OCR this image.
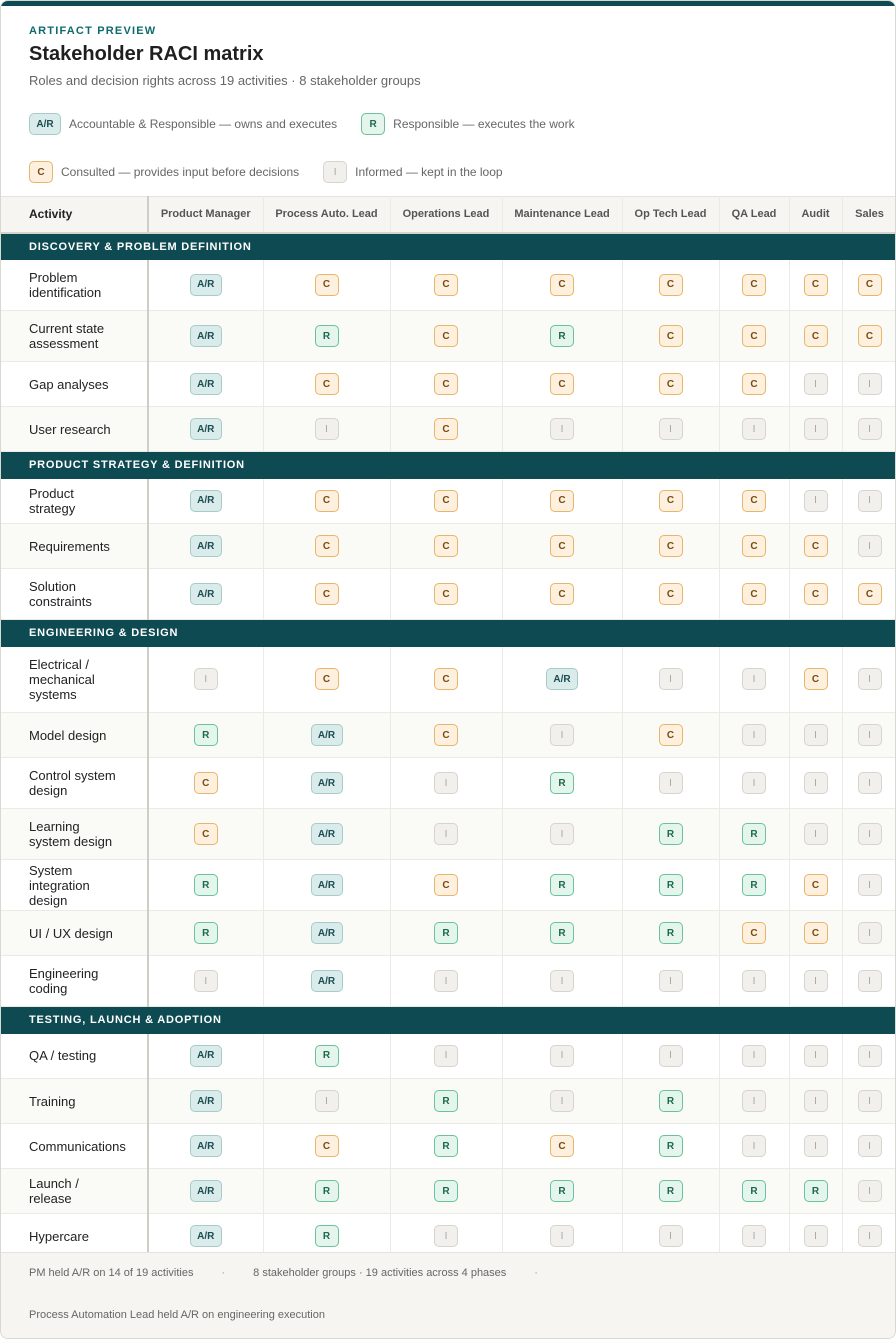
ARTIFACT PREVIEW
Stakeholder RACI matrix
Roles and decision rights across 19 activities · 8 stakeholder groups
A/R	Accountable & Responsible — owns and executes	R	Responsible — executes the work
C	Consulted — provides input before decisions	I	Informed — kept in the loop
Activity	Product Manager	Process Auto. Lead	Operations Lead	Maintenance Lead	Op Tech Lead	QA Lead	Audit	Sales
DISCOVERY & PROBLEM DEFINITION								
Problem identification	A/R	C	C	C	C	C	C	C
Current state assessment	A/R	R	C	R	C	C	C	C
Gap analyses	A/R	C	C	C	C	C	I	I
User research	A/R	I	C	I	I	I	I	I
PRODUCT STRATEGY & DEFINITION								
Product strategy	A/R	C	C	C	C	C	I	I
Requirements	A/R	C	C	C	C	C	C	I
Solution constraints	A/R	C	C	C	C	C	C	C
ENGINEERING & DESIGN								
Electrical / mechanical systems	I	C	C	A/R	I	I	C	I
Model design	R	A/R	C	I	C	I	I	I
Control system design	C	A/R	I	R	I	I	I	I
Learning system design	C	A/R	I	I	R	R	I	I
System integration design	R	A/R	C	R	R	R	C	I
UI / UX design	R	A/R	R	R	R	C	C	I
Engineering coding	I	A/R	I	I	I	I	I	I
TESTING, LAUNCH & ADOPTION								
QA / testing	A/R	R	I	I	I	I	I	I
Training	A/R	I	R	I	R	I	I	I
Communications	A/R	C	R	C	R	I	I	I
Launch / release	A/R	R	R	R	R	R	R	I
Hypercare	A/R	R	I	I	I	I	I	I
PM held A/R on 14 of 19 activities	·	8 stakeholder groups · 19 activities across 4 phases	·
Process Automation Lead held A/R on engineering execution
